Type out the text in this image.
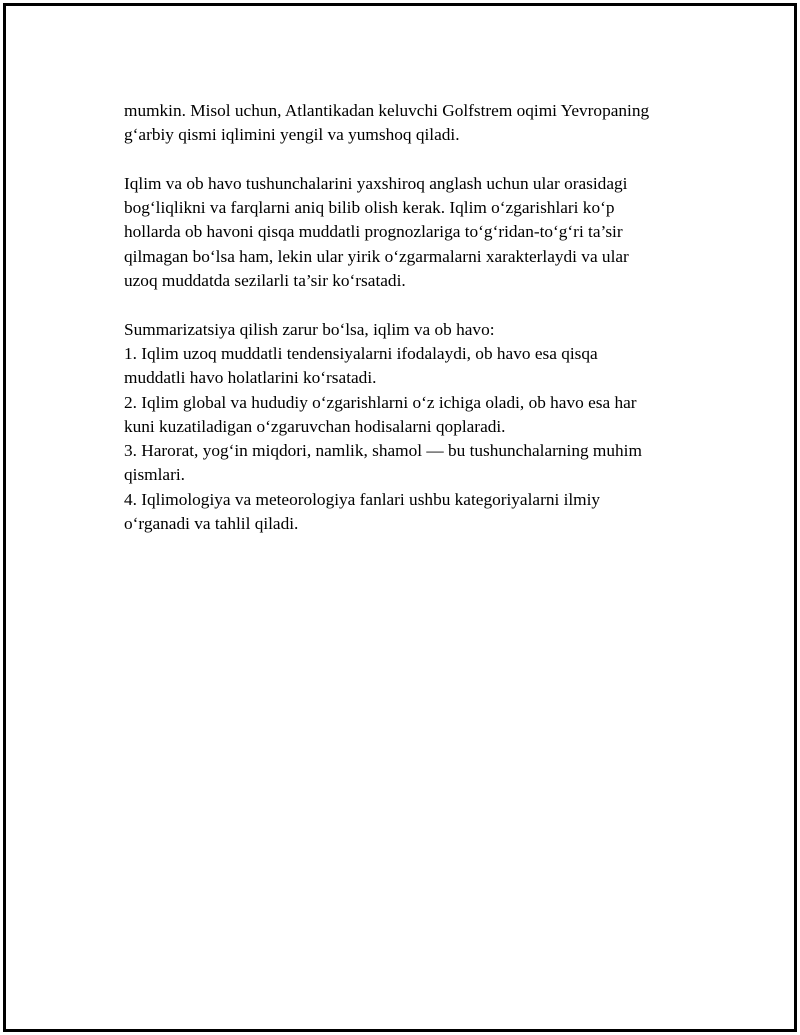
mumkin. Misol uchun, Atlantikadan keluvchi Golfstrem oqimi Yevropaning
g‘arbiy qismi iqlimini yengil va yumshoq qiladi.

Iqlim va ob havo tushunchalarini yaxshiroq anglash uchun ular orasidagi
bog‘liqlikni va farqlarni aniq bilib olish kerak. Iqlim o‘zgarishlari ko‘p
hollarda ob havoni qisqa muddatli prognozlariga to‘g‘ridan-to‘g‘ri ta’sir
qilmagan bo‘lsa ham, lekin ular yirik o‘zgarmalarni xarakterlaydi va ular
uzoq muddatda sezilarli ta’sir ko‘rsatadi.

Summarizatsiya qilish zarur bo‘lsa, iqlim va ob havo:
1. Iqlim uzoq muddatli tendensiyalarni ifodalaydi, ob havo esa qisqa
muddatli havo holatlarini ko‘rsatadi.
2. Iqlim global va hududiy o‘zgarishlarni o‘z ichiga oladi, ob havo esa har
kuni kuzatiladigan o‘zgaruvchan hodisalarni qoplaradi.
3. Harorat, yog‘in miqdori, namlik, shamol — bu tushunchalarning muhim
qismlari.
4. Iqlimologiya va meteorologiya fanlari ushbu kategoriyalarni ilmiy
o‘rganadi va tahlil qiladi.
